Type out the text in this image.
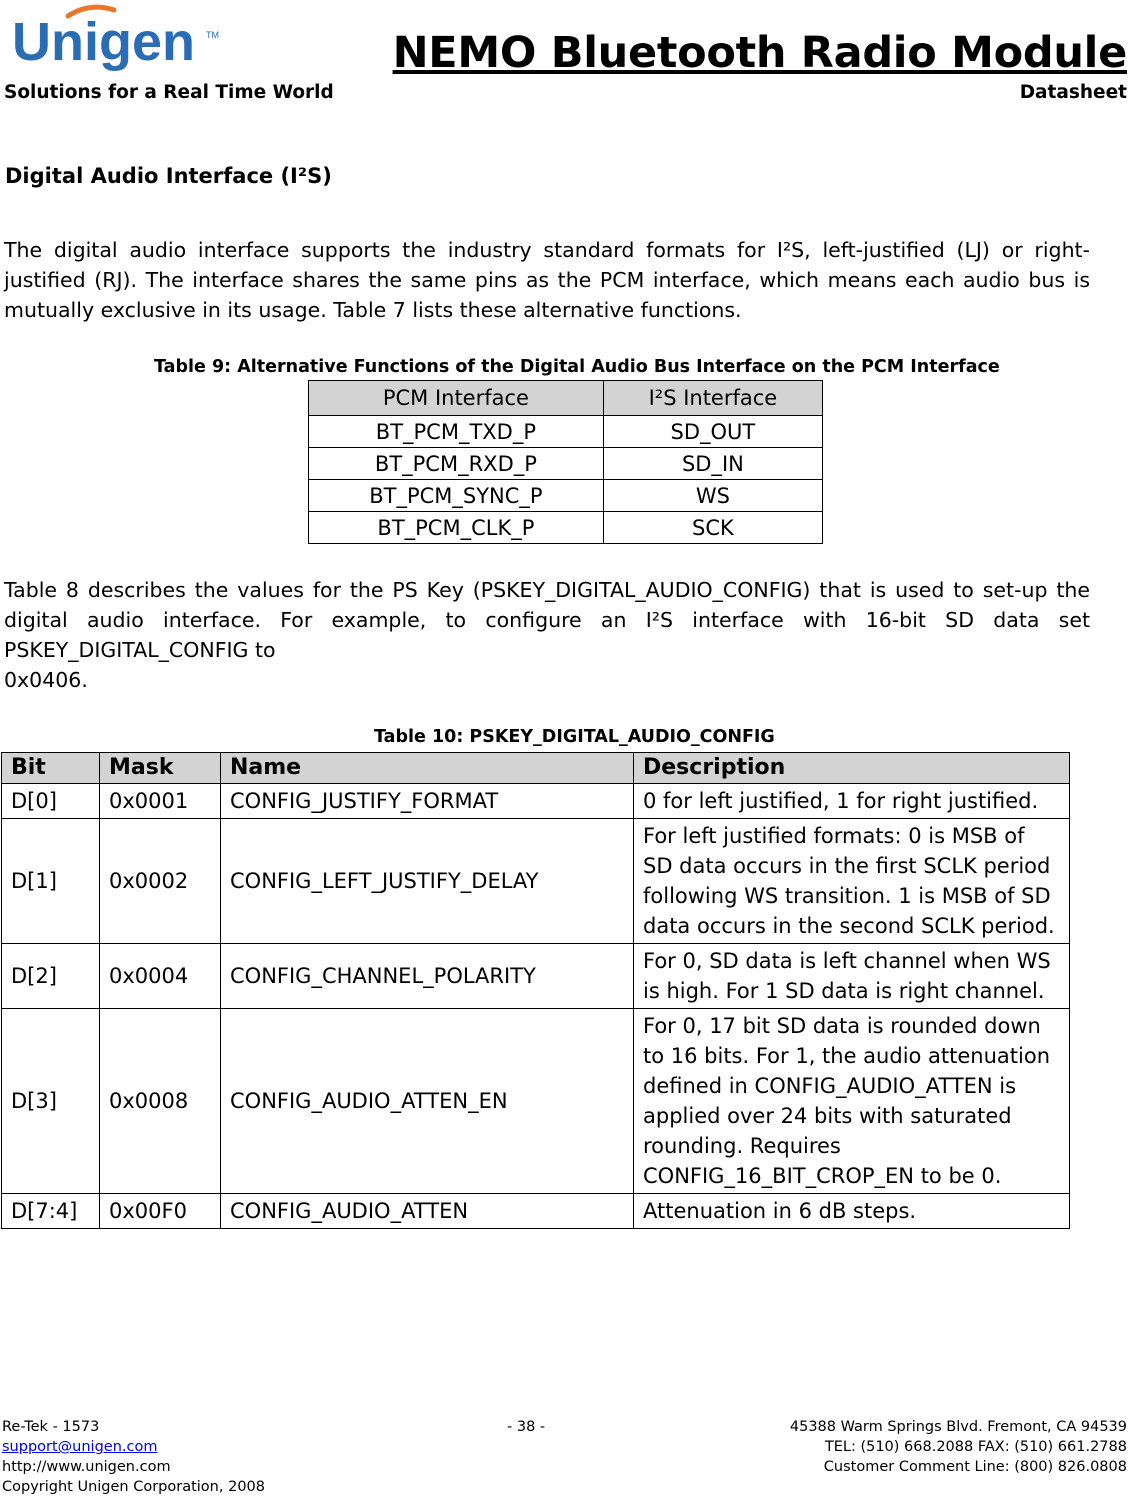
Unigen TM
Solutions for a Real Time World
NEMO Bluetooth Radio Module
Datasheet
Digital Audio Interface (I²S)
The digital audio interface supports the industry standard formats for I²S, left-justified (LJ) or right-justified (RJ). The interface shares the same pins as the PCM interface, which means each audio bus is mutually exclusive in its usage. Table 7 lists these alternative functions.
Table 9: Alternative Functions of the Digital Audio Bus Interface on the PCM Interface
PCM Interface	I²S Interface
BT_PCM_TXD_P	SD_OUT
BT_PCM_RXD_P	SD_IN
BT_PCM_SYNC_P	WS
BT_PCM_CLK_P	SCK
Table 8 describes the values for the PS Key (PSKEY_DIGITAL_AUDIO_CONFIG) that is used to set-up the digital audio interface. For example, to configure an I²S interface with 16-bit SD data set PSKEY_DIGITAL_CONFIG to
0x0406.
Table 10: PSKEY_DIGITAL_AUDIO_CONFIG
Bit	Mask	Name	Description
D[0]	0x0001	CONFIG_JUSTIFY_FORMAT	0 for left justified, 1 for right justified.
D[1]	0x0002	CONFIG_LEFT_JUSTIFY_DELAY	For left justified formats: 0 is MSB of SD data occurs in the first SCLK period following WS transition. 1 is MSB of SD data occurs in the second SCLK period.
D[2]	0x0004	CONFIG_CHANNEL_POLARITY	For 0, SD data is left channel when WS is high. For 1 SD data is right channel.
D[3]	0x0008	CONFIG_AUDIO_ATTEN_EN	For 0, 17 bit SD data is rounded down to 16 bits. For 1, the audio attenuation defined in CONFIG_AUDIO_ATTEN is applied over 24 bits with saturated rounding. Requires CONFIG_16_BIT_CROP_EN to be 0.
D[7:4]	0x00F0	CONFIG_AUDIO_ATTEN	Attenuation in 6 dB steps.
Re-Tek - 1573
support@unigen.com
http://www.unigen.com
Copyright Unigen Corporation, 2008
- 38 -	45388 Warm Springs Blvd. Fremont, CA 94539
TEL: (510) 668.2088 FAX: (510) 661.2788
Customer Comment Line: (800) 826.0808
